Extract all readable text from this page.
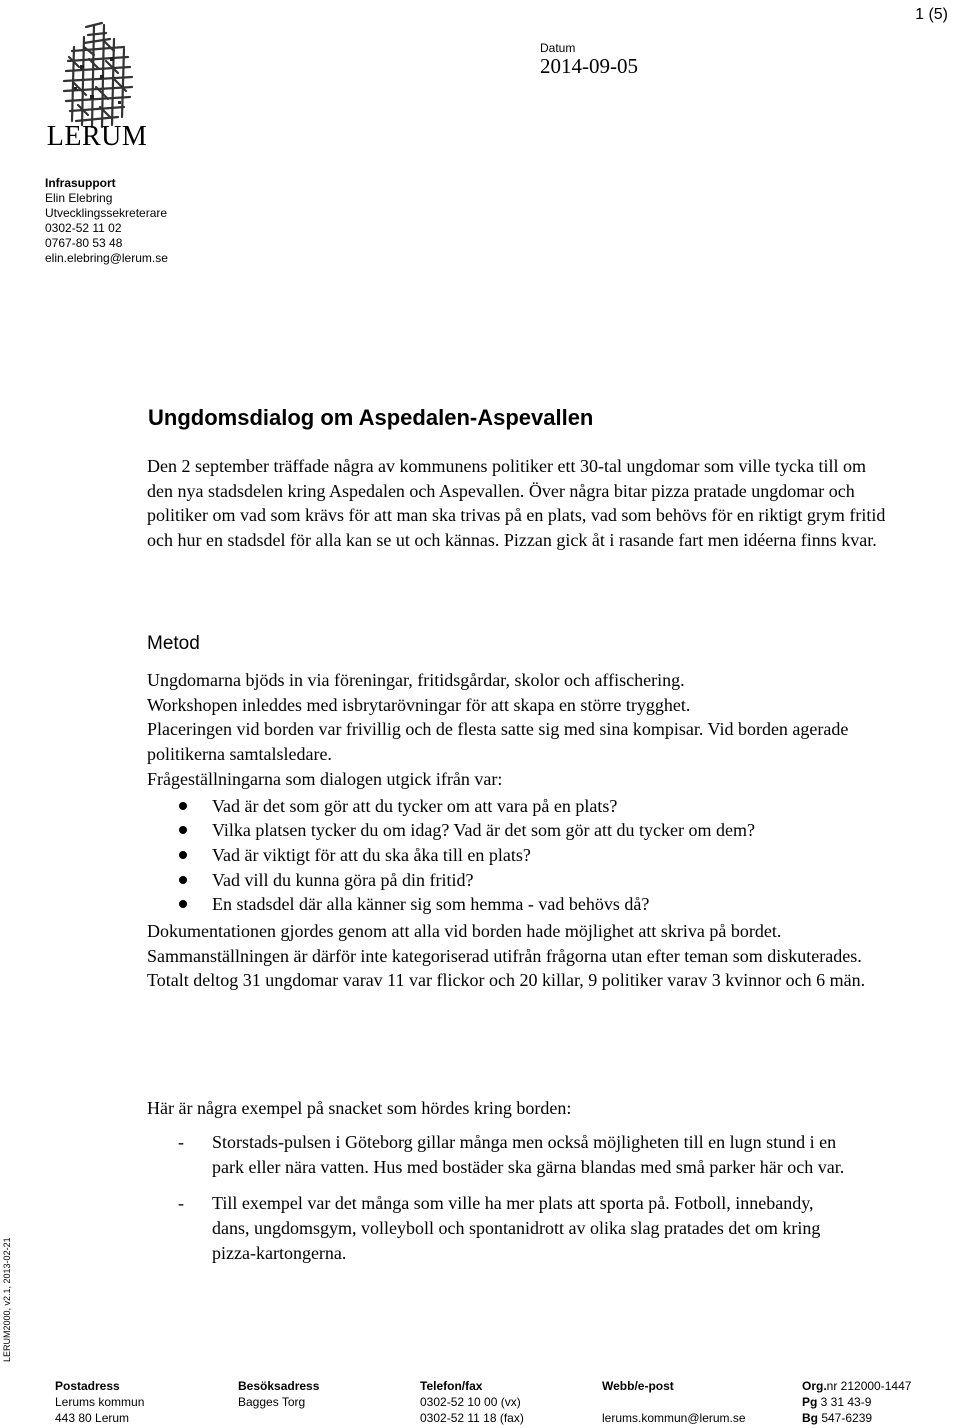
1 (5)
LERUM
Datum
2014-09-05
Infrasupport
Elin Elebring
Utvecklingssekreterare
0302-52 11 02
0767-80 53 48
elin.elebring@lerum.se
Ungdomsdialog om Aspedalen-Aspevallen
Den 2 september träffade några av kommunens politiker ett 30-tal ungdomar som ville tycka till om den nya stadsdelen kring Aspedalen och Aspevallen. Över några bitar pizza pratade ungdomar och politiker om vad som krävs för att man ska trivas på en plats, vad som behövs för en riktigt grym fritid och hur en stadsdel för alla kan se ut och kännas. Pizzan gick åt i rasande fart men idéerna finns kvar.
Metod
Ungdomarna bjöds in via föreningar, fritidsgårdar, skolor och affischering.
Workshopen inleddes med isbrytarövningar för att skapa en större trygghet.
Placeringen vid borden var frivillig och de flesta satte sig med sina kompisar. Vid borden agerade politikerna samtalsledare.
Frågeställningarna som dialogen utgick ifrån var:
Vad är det som gör att du tycker om att vara på en plats?
Vilka platsen tycker du om idag? Vad är det som gör att du tycker om dem?
Vad är viktigt för att du ska åka till en plats?
Vad vill du kunna göra på din fritid?
En stadsdel där alla känner sig som hemma - vad behövs då?
Dokumentationen gjordes genom att alla vid borden hade möjlighet att skriva på bordet. Sammanställningen är därför inte kategoriserad utifrån frågorna utan efter teman som diskuterades.
Totalt deltog 31 ungdomar varav 11 var flickor och 20 killar, 9 politiker varav 3 kvinnor och 6 män.
Här är några exempel på snacket som hördes kring borden:
- Storstads-pulsen i Göteborg gillar många men också möjligheten till en lugn stund i en park eller nära vatten. Hus med bostäder ska gärna blandas med små parker här och var.
- Till exempel var det många som ville ha mer plats att sporta på. Fotboll, innebandy, dans, ungdomsgym, volleyboll och spontanidrott av olika slag pratades det om kring pizza-kartongerna.
LERUM2000, v2.1, 2013-02-21
Postadress
Lerums kommun
443 80 Lerum
Besöksadress
Bagges Torg
Telefon/fax
0302-52 10 00 (vx)
0302-52 11 18 (fax)
Webb/e-post

lerums.kommun@lerum.se
Org.nr 212000-1447
Pg 3 31 43-9
Bg 547-6239
